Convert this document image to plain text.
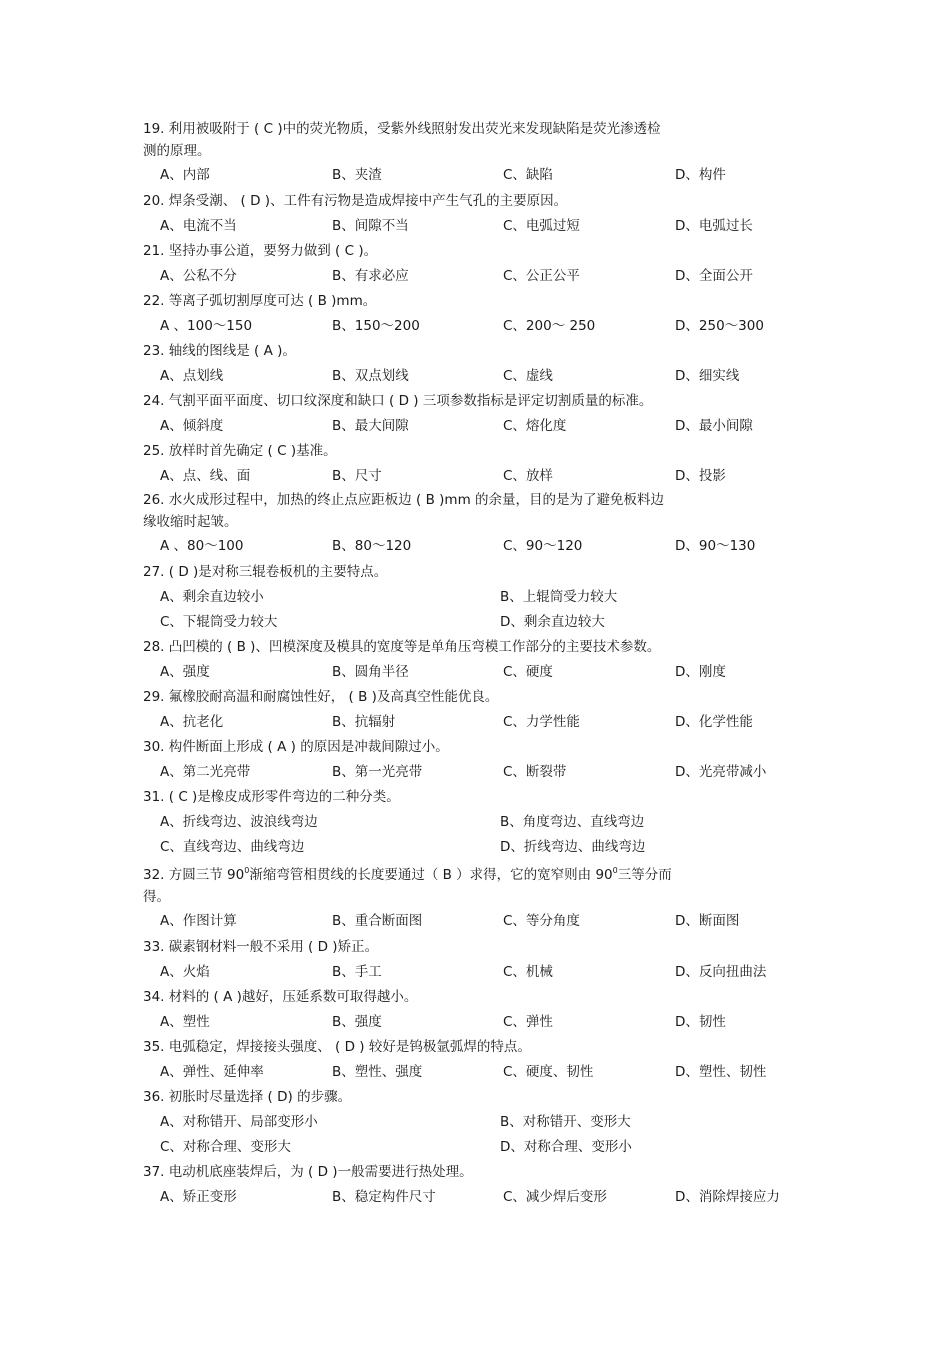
19. 利用被吸附于 ( C )中的荧光物质，受紫外线照射发出荧光来发现缺陷是荧光渗透检
测的原理。
A、内部	B、夹渣	C、缺陷	D、构件
20. 焊条受潮、 ( D )、工件有污物是造成焊接中产生气孔的主要原因。
A、电流不当	B、间隙不当	C、电弧过短	D、电弧过长
21. 坚持办事公道，要努力做到 ( C )。
A、公私不分	B、有求必应	C、公正公平	D、全面公开
22. 等离子弧切割厚度可达 ( B )mm。
A 、100～150	B、150～200	C、200～ 250	D、250～300
23. 轴线的图线是 ( A )。
A、点划线	B、双点划线	C、虚线	D、细实线
24. 气割平面平面度、切口纹深度和缺口 ( D ) 三项参数指标是评定切割质量的标准。
A、倾斜度	B、最大间隙	C、熔化度	D、最小间隙
25. 放样时首先确定 ( C )基准。
A、点、线、面	B、尺寸	C、放样	D、投影
26. 水火成形过程中，加热的终止点应距板边 ( B )mm 的余量，目的是为了避免板料边
缘收缩时起皱。
A 、80～100	B、80～120	C、90～120	D、90～130
27. ( D )是对称三辊卷板机的主要特点。
A、剩余直边较小	B、上辊筒受力较大
C、下辊筒受力较大	D、剩余直边较大
28. 凸凹模的 ( B )、凹模深度及模具的宽度等是单角压弯模工作部分的主要技术参数。
A、强度	B、圆角半径	C、硬度	D、刚度
29. 氟橡胶耐高温和耐腐蚀性好， ( B )及高真空性能优良。
A、抗老化	B、抗辐射	C、力学性能	D、化学性能
30. 构件断面上形成 ( A ) 的原因是冲裁间隙过小。
A、第二光亮带	B、第一光亮带	C、断裂带	D、光亮带减小
31. ( C )是橡皮成形零件弯边的二种分类。
A、折线弯边、波浪线弯边	B、角度弯边、直线弯边
C、直线弯边、曲线弯边	D、折线弯边、曲线弯边
32. 方圆三节 $90^0$渐缩弯管相贯线的长度要通过（ B ）求得，它的宽窄则由 $90^0$三等分而
得。
A、作图计算	B、重合断面图	C、等分角度	D、断面图
33. 碳素钢材料一般不采用 ( D )矫正。
A、火焰	B、手工	C、机械	D、反向扭曲法
34. 材料的 ( A )越好，压延系数可取得越小。
A、塑性	B、强度	C、弹性	D、韧性
35. 电弧稳定，焊接接头强度、 ( D ) 较好是钨极氩弧焊的特点。
A、弹性、延伸率	B、塑性、强度	C、硬度、韧性	D、塑性、韧性
36. 初胀时尽量选择 ( D) 的步骤。
A、对称错开、局部变形小	B、对称错开、变形大
C、对称合理、变形大	D、对称合理、变形小
37. 电动机底座装焊后，为 ( D )一般需要进行热处理。
A、矫正变形	B、稳定构件尺寸	C、减少焊后变形	D、消除焊接应力
